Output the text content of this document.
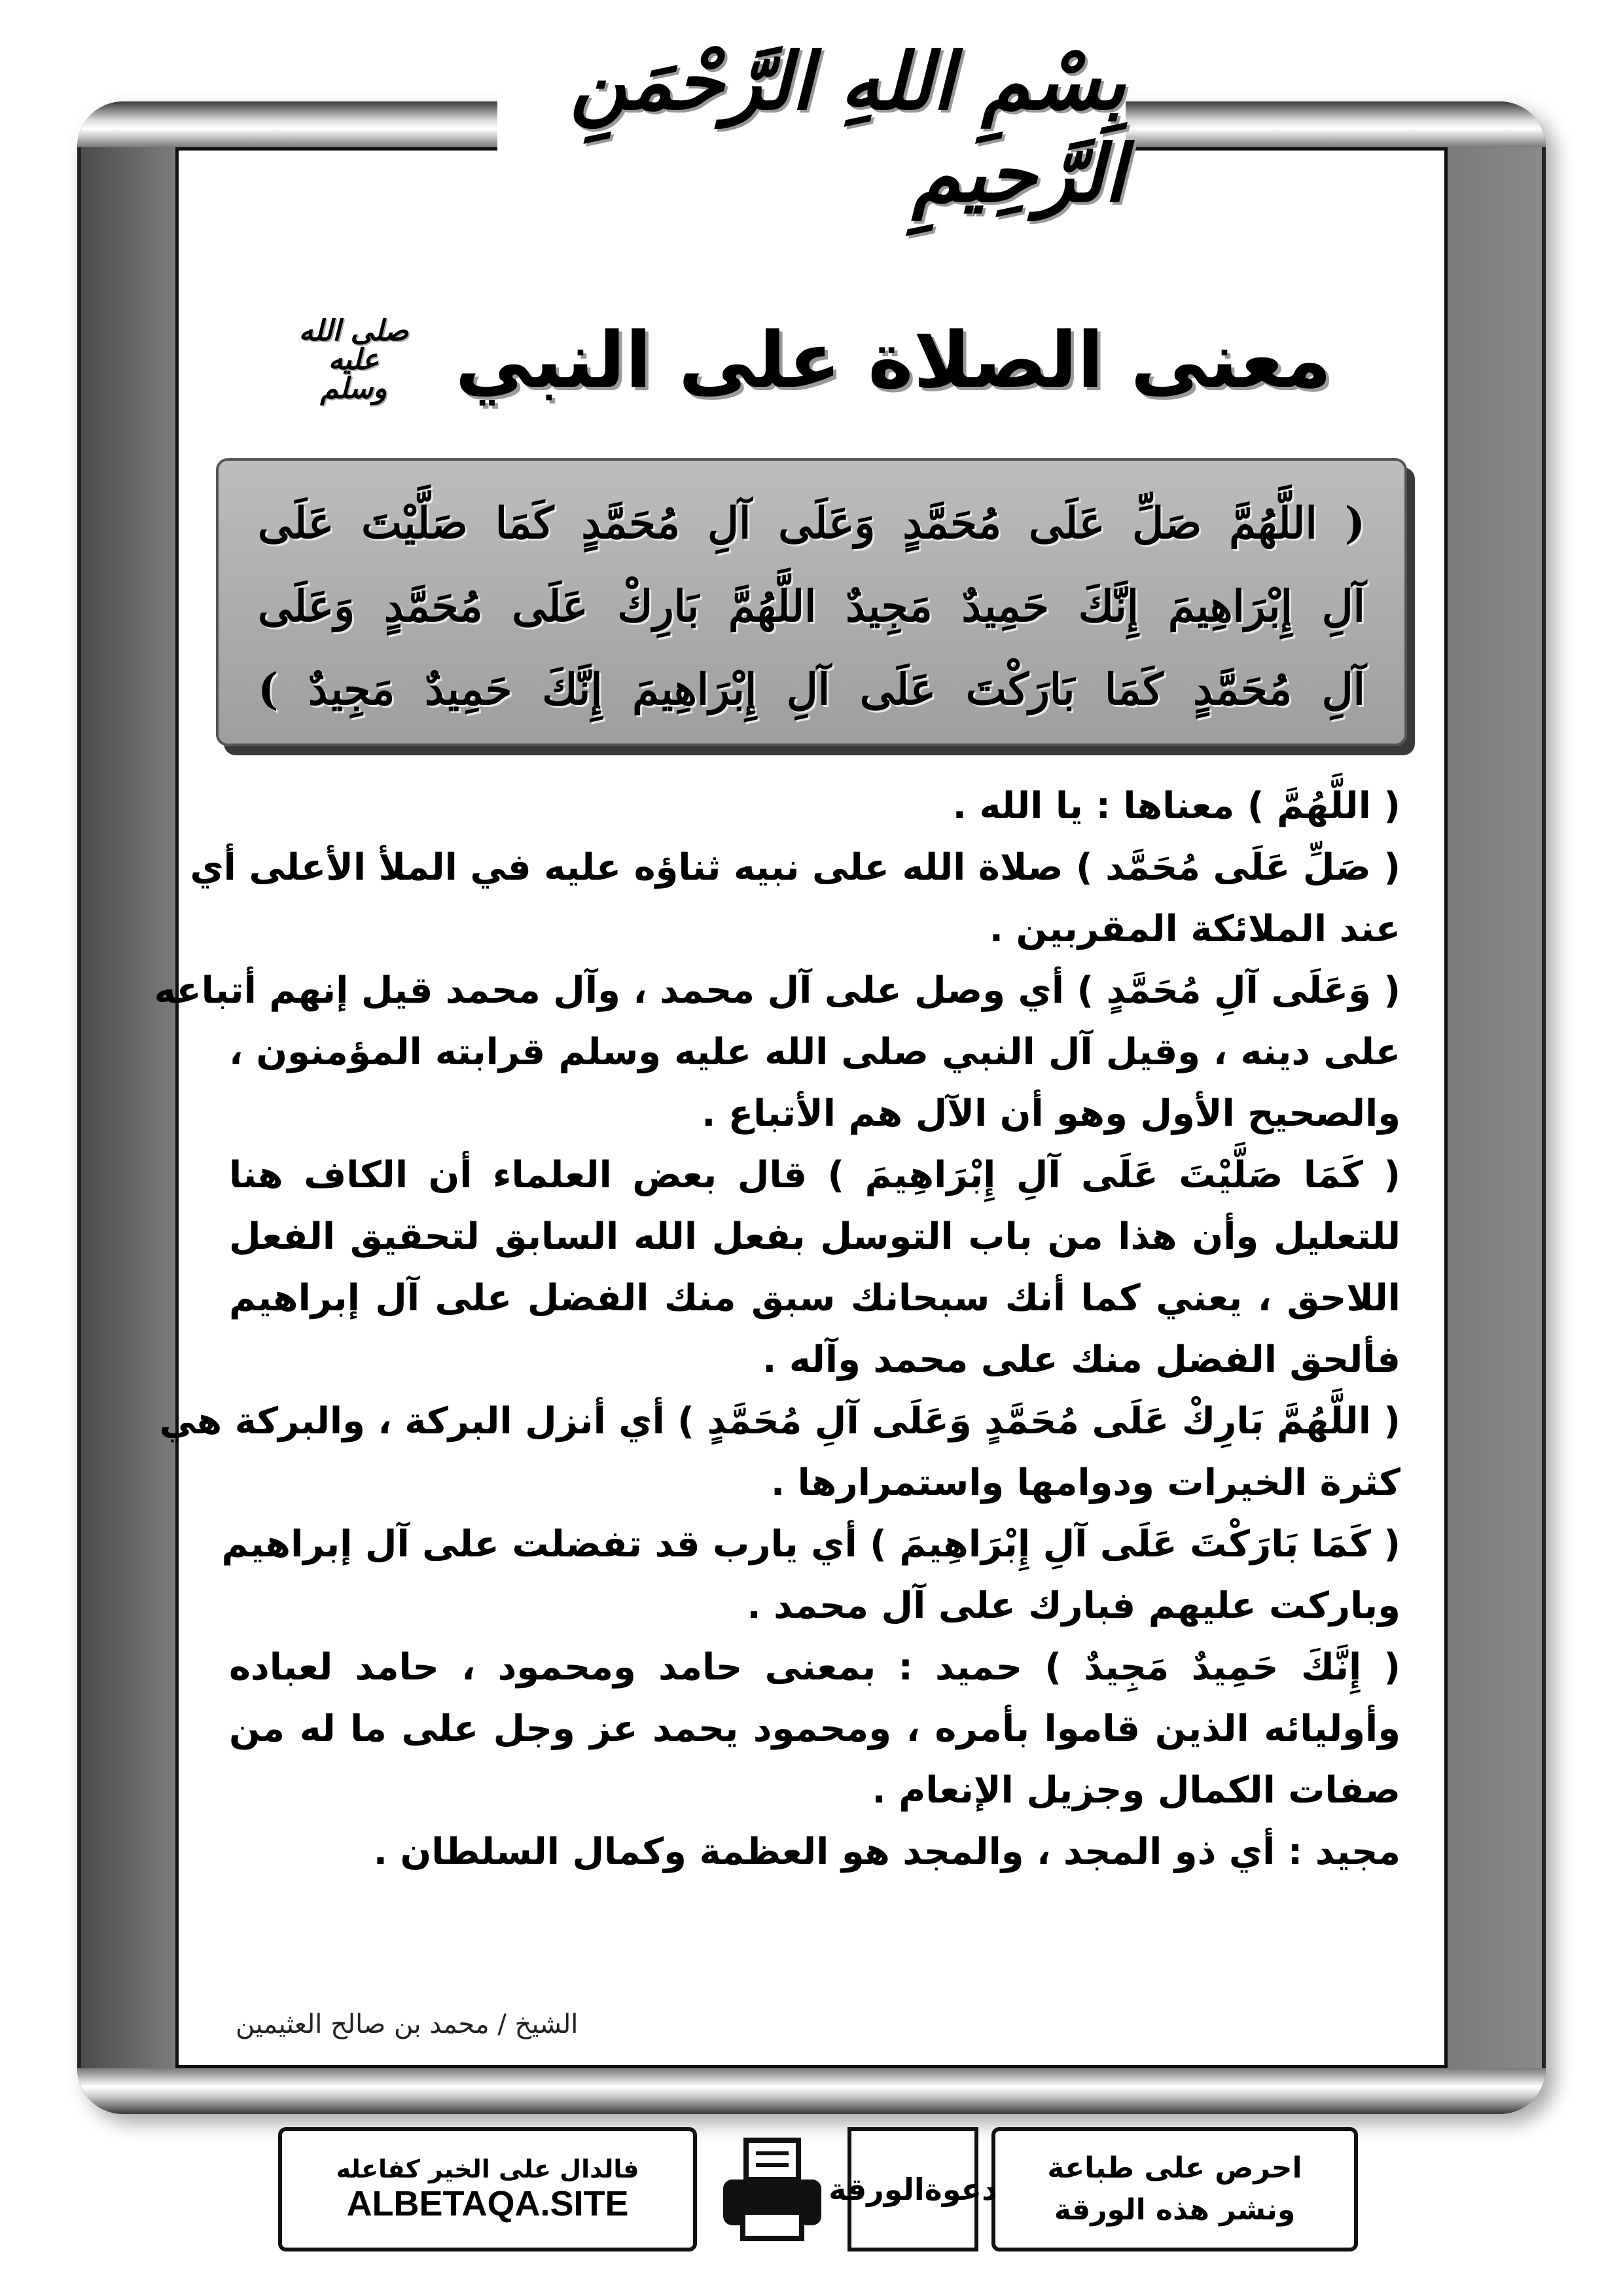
بِسْمِ اللهِ الرَّحْمَنِ الرَّحِيمِ
معنى الصلاة على النبي
صلى الله عليه وسلم
( اللَّهُمَّ صَلِّ عَلَى مُحَمَّدٍ وَعَلَى آلِ مُحَمَّدٍ كَمَا صَلَّيْتَ عَلَى
آلِ إِبْرَاهِيمَ إِنَّكَ حَمِيدٌ مَجِيدٌ اللَّهُمَّ بَارِكْ عَلَى مُحَمَّدٍ وَعَلَى
آلِ مُحَمَّدٍ كَمَا بَارَكْتَ عَلَى آلِ إِبْرَاهِيمَ إِنَّكَ حَمِيدٌ مَجِيدٌ )
( اللَّهُمَّ ) معناها : يا الله .
( صَلِّ عَلَى مُحَمَّد ) صلاة الله على نبيه ثناؤه عليه في الملأ الأعلى أي
عند الملائكة المقربين .
( وَعَلَى آلِ مُحَمَّدٍ ) أي وصل على آل محمد ، وآل محمد قيل إنهم أتباعه
على دينه ، وقيل آل النبي صلى الله عليه وسلم قرابته المؤمنون ،
والصحيح الأول وهو أن الآل هم الأتباع .
( كَمَا صَلَّيْتَ عَلَى آلِ إِبْرَاهِيمَ ) قال بعض العلماء أن الكاف هنا
للتعليل وأن هذا من باب التوسل بفعل الله السابق لتحقيق الفعل
اللاحق ، يعني كما أنك سبحانك سبق منك الفضل على آل إبراهيم
فألحق الفضل منك على محمد وآله .
( اللَّهُمَّ بَارِكْ عَلَى مُحَمَّدٍ وَعَلَى آلِ مُحَمَّدٍ ) أي أنزل البركة ، والبركة هي
كثرة الخيرات ودوامها واستمرارها .
( كَمَا بَارَكْتَ عَلَى آلِ إِبْرَاهِيمَ ) أي يارب قد تفضلت على آل إبراهيم
وباركت عليهم فبارك على آل محمد .
( إِنَّكَ حَمِيدٌ مَجِيدٌ ) حميد : بمعنى حامد ومحمود ، حامد لعباده
وأوليائه الذين قاموا بأمره ، ومحمود يحمد عز وجل على ما له من
صفات الكمال وجزيل الإنعام .
مجيد : أي ذو المجد ، والمجد هو العظمة وكمال السلطان .
الشيخ / محمد بن صالح العثيمين
احرص على طباعة
ونشر هذه الورقة
دعوة
الورقة
فالدال على الخير كفاعله
ALBETAQA.SITE
